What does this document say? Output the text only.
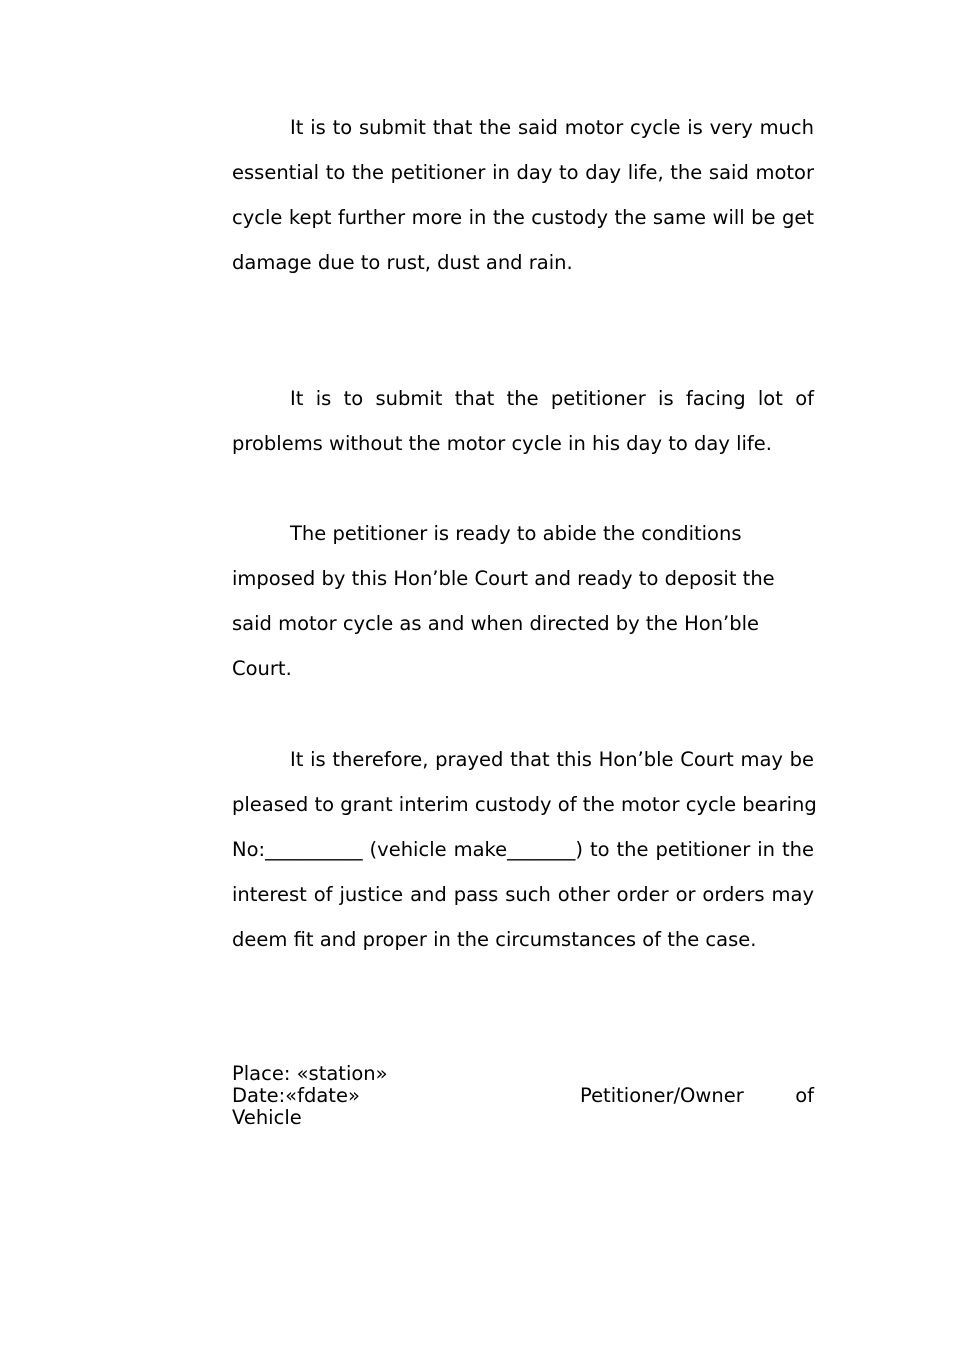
It is to submit that the said motor cycle is very much
essential to the petitioner in day to day life, the said motor
cycle kept further more in the custody the same will be get
damage due to rust, dust and rain.
It is to submit that the petitioner is facing lot of
problems without the motor cycle in his day to day life.
The petitioner is ready to abide the conditions
imposed by this Hon’ble Court and ready to deposit the
said motor cycle as and when directed by the Hon’ble
Court.
It is therefore, prayed that this Hon’ble Court may be
pleased to grant interim custody of the motor cycle bearing
No:__________ (vehicle make_______) to the petitioner in the
interest of justice and pass such other order or orders may
deem fit and proper in the circumstances of the case.
Place: «station»
Date:«fdate»	Petitioner/Owner	of
Vehicle
